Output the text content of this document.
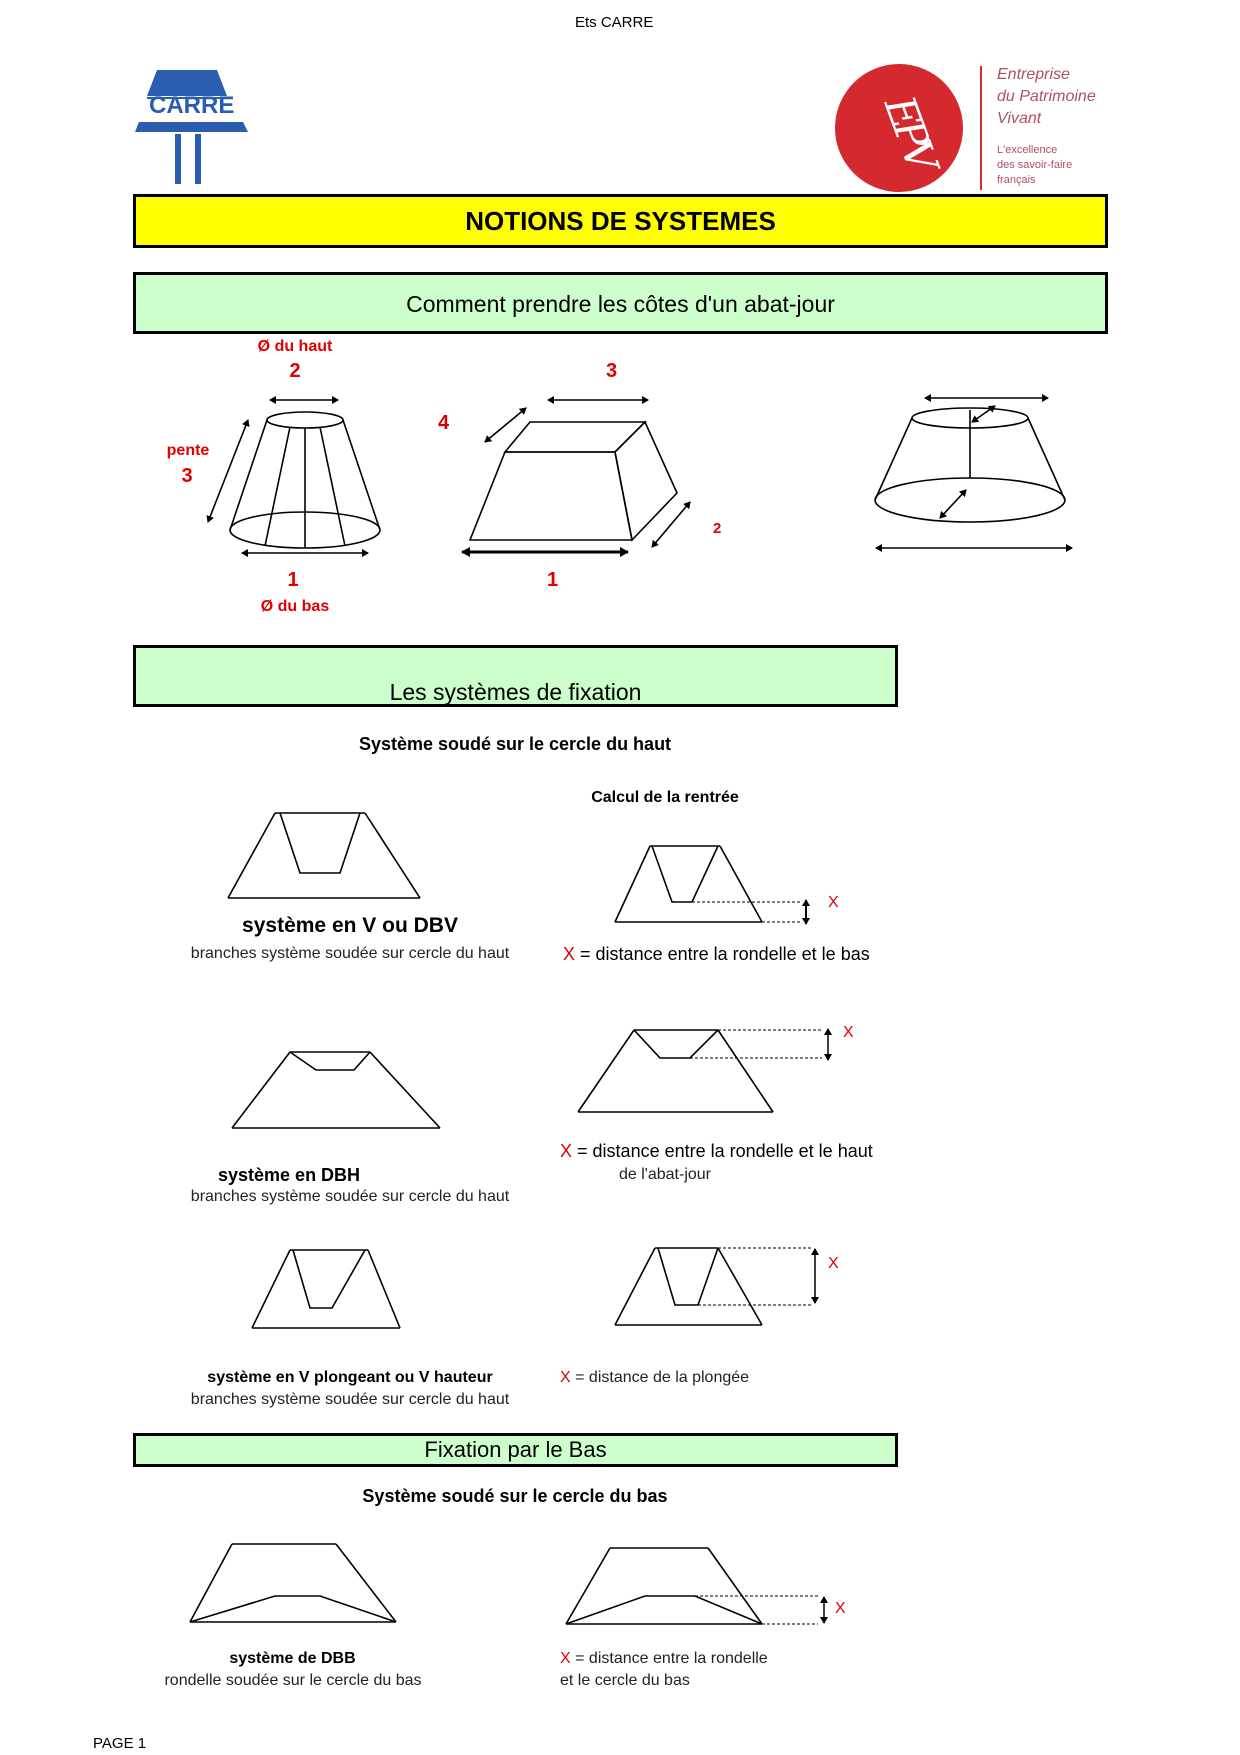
Ets CARRE
CARRE	EPV
Entreprise
du Patrimoine
Vivant
L'excellence
des savoir-faire
français
NOTIONS DE SYSTEMES
Comment prendre les côtes d'un abat-jour
Ø du haut
2
pente
3
1
Ø du bas
3
4
2
1
Les systèmes de fixation
Système soudé sur le cercle du haut
Calcul de la rentrée
X
système en V ou DBV
branches système soudée sur cercle du haut	X = distance entre la rondelle et le bas
X
X = distance entre la rondelle et le haut
de l'abat-jour
système en DBH
branches système soudée sur cercle du haut
X
système en V plongeant ou V hauteur
branches système soudée sur cercle du haut
X = distance de la plongée
Fixation par le Bas
Système soudé sur le cercle du bas
X
système de DBB
rondelle soudée sur le cercle du bas
X = distance entre la rondelle
et le cercle du bas
PAGE 1
